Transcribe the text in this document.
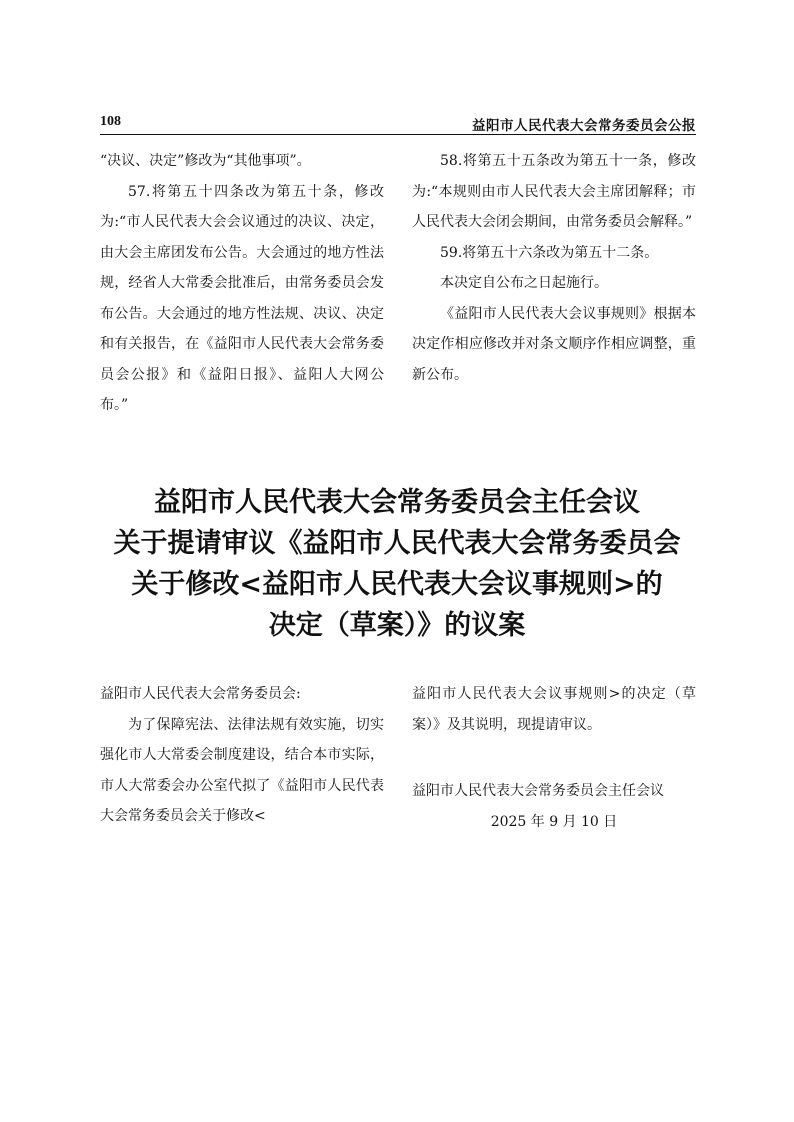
108	益阳市人民代表大会常务委员会公报

“决议、决定”修改为“其他事项”。

57.将第五十四条改为第五十条，修改为:“市人民代表大会会议通过的决议、决定，由大会主席团发布公告。大会通过的地方性法规，经省人大常委会批准后，由常务委员会发布公告。大会通过的地方性法规、决议、决定和有关报告，在《益阳市人民代表大会常务委员会公报》和《益阳日报》、益阳人大网公布。”

58.将第五十五条改为第五十一条，修改为:“本规则由市人民代表大会主席团解释；市人民代表大会闭会期间，由常务委员会解释。”

59.将第五十六条改为第五十二条。

本决定自公布之日起施行。

《益阳市人民代表大会议事规则》根据本决定作相应修改并对条文顺序作相应调整，重新公布。

益阳市人民代表大会常务委员会主任会议
关于提请审议《益阳市人民代表大会常务委员会
关于修改<益阳市人民代表大会议事规则>的
决定（草案）》的议案

益阳市人民代表大会常务委员会:

为了保障宪法、法律法规有效实施，切实强化市人大常委会制度建设，结合本市实际，市人大常委会办公室代拟了《益阳市人民代表大会常务委员会关于修改<

益阳市人民代表大会议事规则>的决定（草案）》及其说明，现提请审议。

益阳市人民代表大会常务委员会主任会议

2025 年 9 月 10 日
